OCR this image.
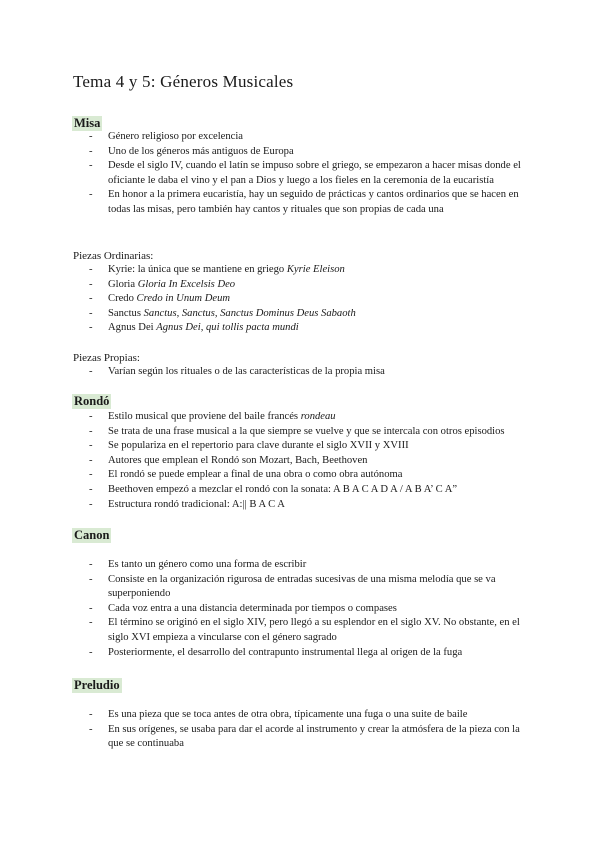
Tema 4 y 5: Géneros Musicales
Misa
- Género religioso por excelencia
- Uno de los géneros más antiguos de Europa
- Desde el siglo IV, cuando el latín se impuso sobre el griego, se empezaron a hacer misas donde el oficiante le daba el vino y el pan a Dios y luego a los fieles en la ceremonia de la eucaristía
- En honor a la primera eucaristía, hay un seguido de prácticas y cantos ordinarios que se hacen en todas las misas, pero también hay cantos y rituales que son propias de cada una
Piezas Ordinarias:
- Kyrie: la única que se mantiene en griego Kyrie Eleison
- Gloria Gloria In Excelsis Deo
- Credo Credo in Unum Deum
- Sanctus Sanctus, Sanctus, Sanctus Dominus Deus Sabaoth
- Agnus Dei Agnus Dei, qui tollis pacta mundi
Piezas Propias:
- Varían según los rituales o de las características de la propia misa
Rondó
- Estilo musical que proviene del baile francés rondeau
- Se trata de una frase musical a la que siempre se vuelve y que se intercala con otros episodios
- Se populariza en el repertorio para clave durante el siglo XVII y XVIII
- Autores que emplean el Rondó son Mozart, Bach, Beethoven
- El rondó se puede emplear a final de una obra o como obra autónoma
- Beethoven empezó a mezclar el rondó con la sonata: A B A C A D A / A B A’ C A”
- Estructura rondó tradicional: A:|| B A C A
Canon
- Es tanto un género como una forma de escribir
- Consiste en la organización rigurosa de entradas sucesivas de una misma melodía que se va superponiendo
- Cada voz entra a una distancia determinada por tiempos o compases
- El término se originó en el siglo XIV, pero llegó a su esplendor en el siglo XV. No obstante, en el siglo XVI empieza a vincularse con el género sagrado
- Posteriormente, el desarrollo del contrapunto instrumental llega al origen de la fuga
Preludio
- Es una pieza que se toca antes de otra obra, típicamente una fuga o una suite de baile
- En sus orígenes, se usaba para dar el acorde al instrumento y crear la atmósfera de la pieza con la que se continuaba
